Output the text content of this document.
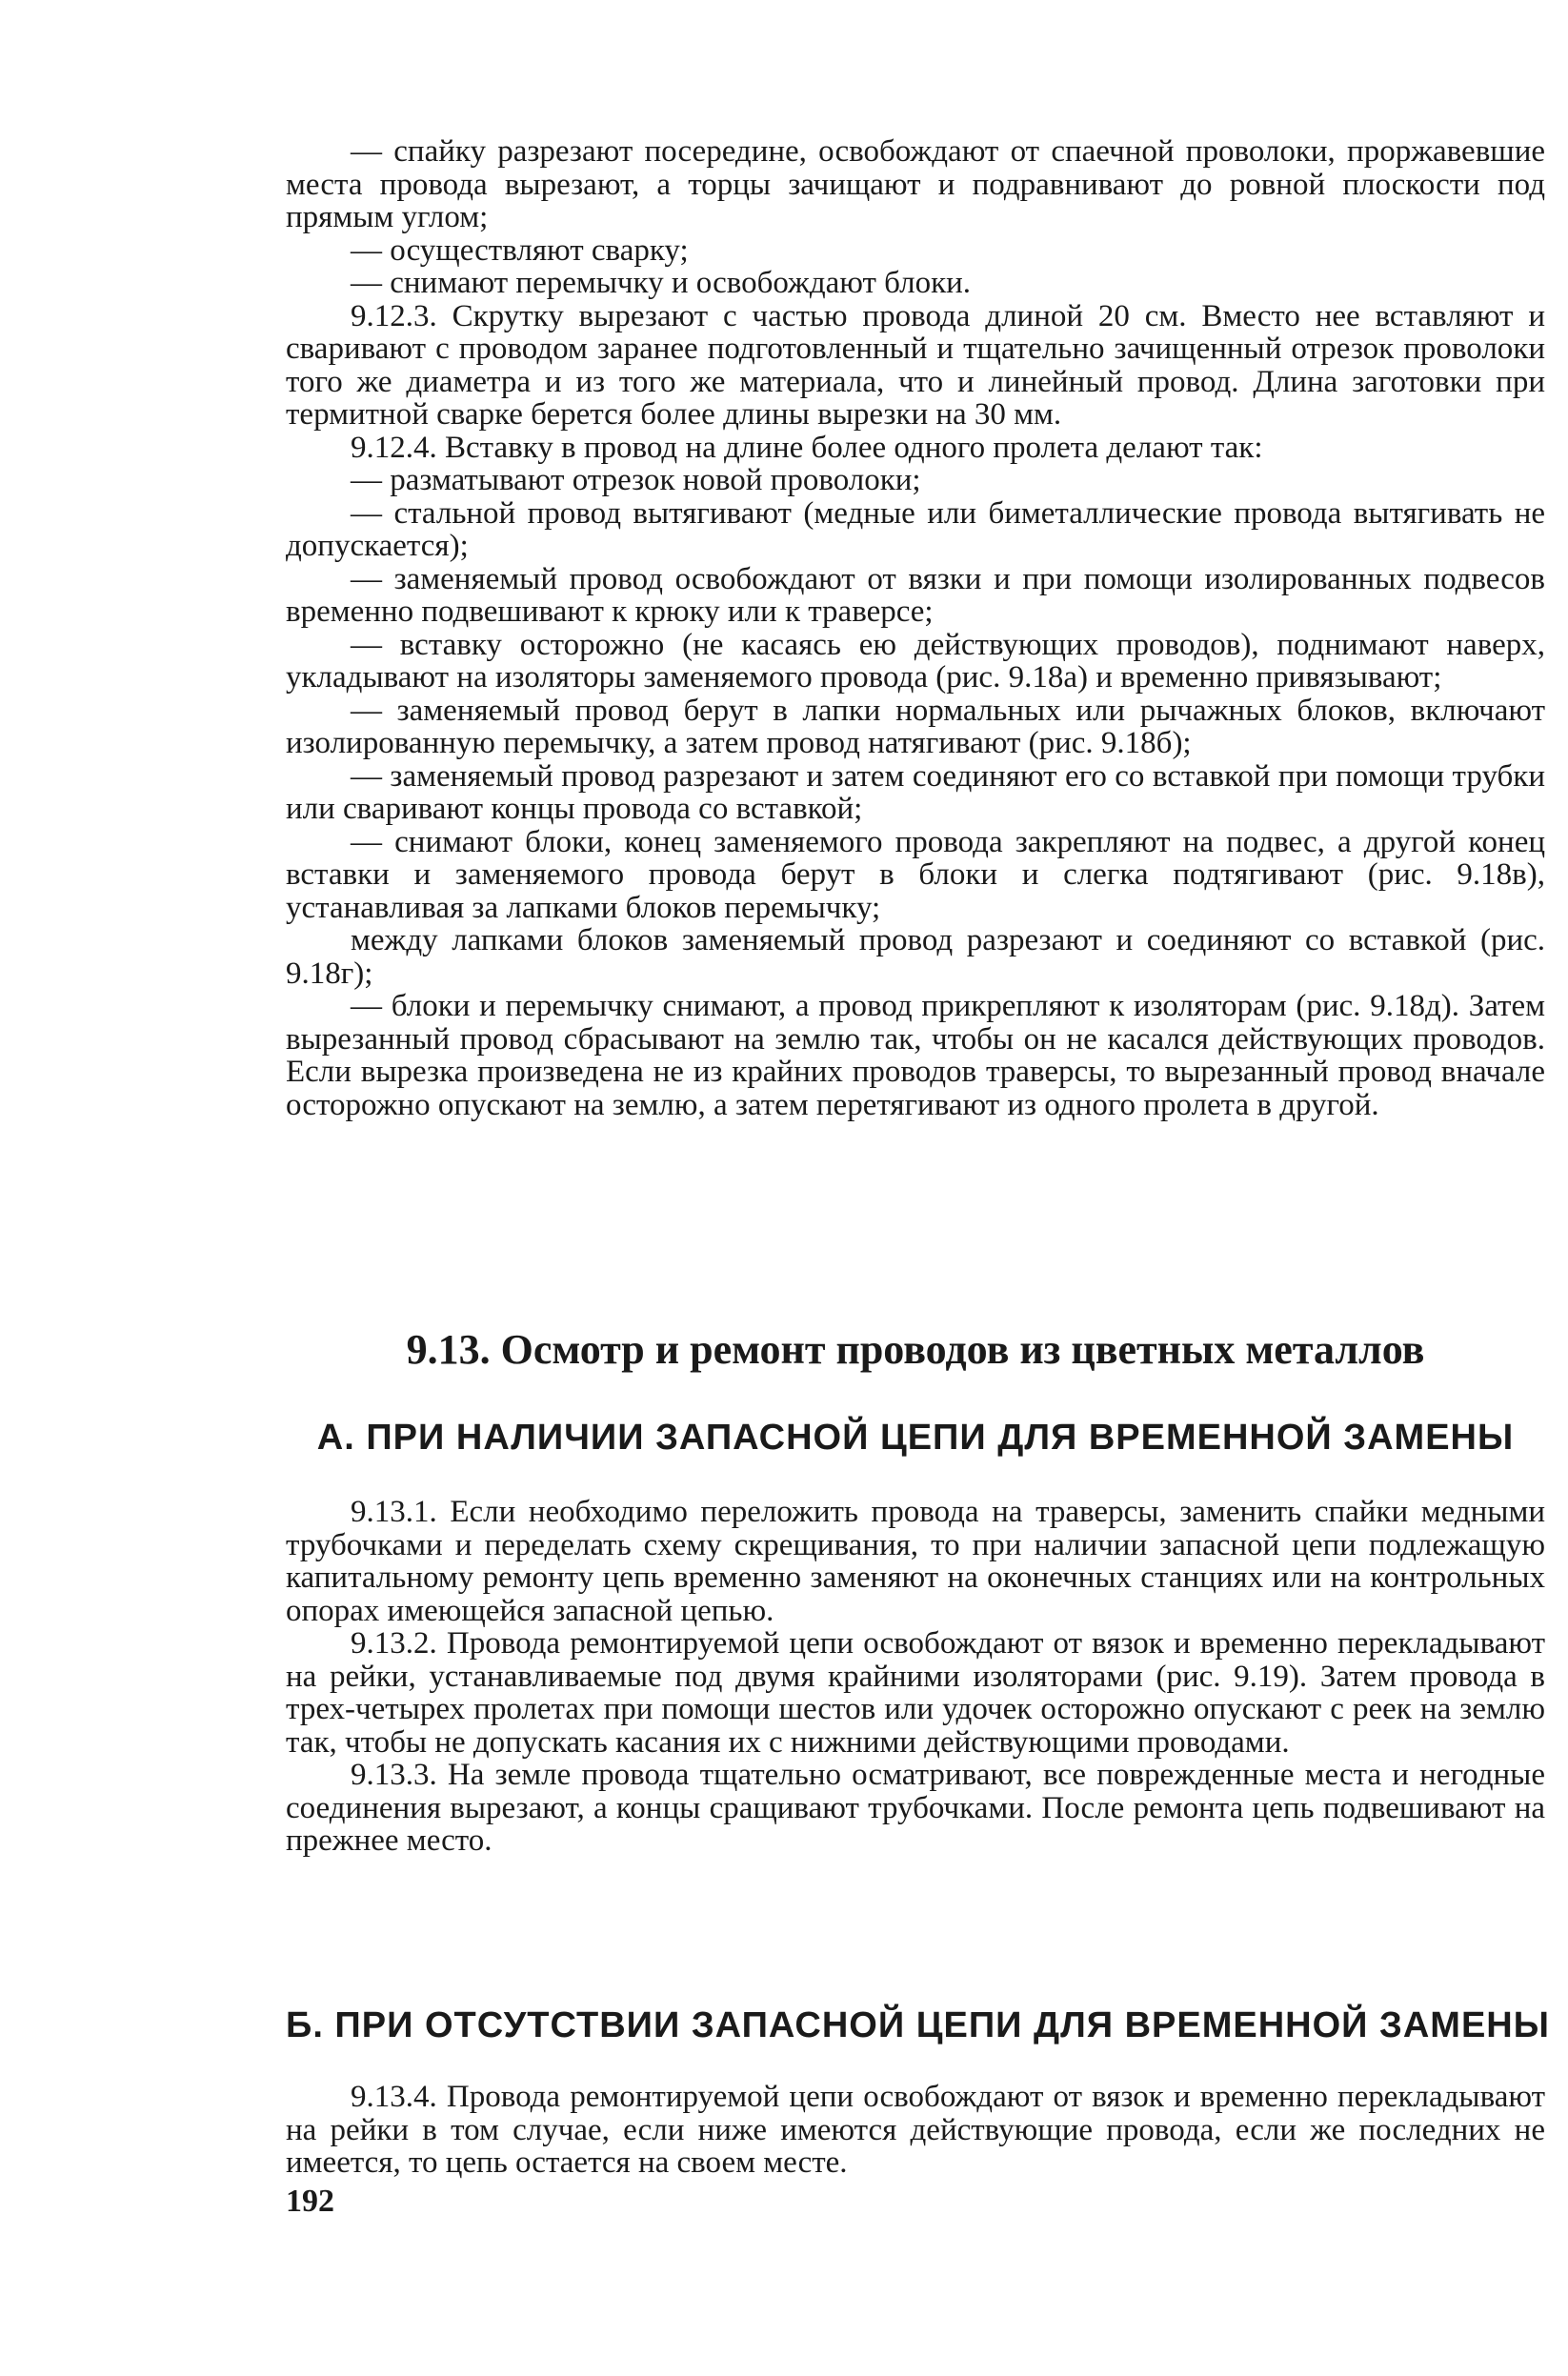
— спайку разрезают посередине, освобождают от спаечной проволоки, проржавевшие места провода вырезают, а торцы зачищают и подравнивают до ровной плоскости под прямым углом;

— осуществляют сварку;

— снимают перемычку и освобождают блоки.

9.12.3. Скрутку вырезают с частью провода длиной 20 см. Вместо нее вставляют и сваривают с проводом заранее подготовленный и тщательно зачищенный отрезок проволоки того же диаметра и из того же материала, что и линейный провод. Длина заготовки при термитной сварке берется более длины вырезки на 30 мм.

9.12.4. Вставку в провод на длине более одного пролета делают так:

— разматывают отрезок новой проволоки;

— стальной провод вытягивают (медные или биметаллические провода вытягивать не допускается);

— заменяемый провод освобождают от вязки и при помощи изолированных подвесов временно подвешивают к крюку или к траверсе;

— вставку осторожно (не касаясь ею действующих проводов), поднимают наверх, укладывают на изоляторы заменяемого провода (рис. 9.18а) и временно привязывают;

— заменяемый провод берут в лапки нормальных или рычажных блоков, включают изолированную перемычку, а затем провод натягивают (рис. 9.18б);

— заменяемый провод разрезают и затем соединяют его со вставкой при помощи трубки или сваривают концы провода со вставкой;

— снимают блоки, конец заменяемого провода закрепляют на подвес, а другой конец вставки и заменяемого провода берут в блоки и слегка подтягивают (рис. 9.18в), устанавливая за лапками блоков перемычку;

между лапками блоков заменяемый провод разрезают и соединяют со вставкой (рис. 9.18г);

— блоки и перемычку снимают, а провод прикрепляют к изоляторам (рис. 9.18д). Затем вырезанный провод сбрасывают на землю так, чтобы он не касался действующих проводов. Если вырезка произведена не из крайних проводов траверсы, то вырезанный провод вначале осторожно опускают на землю, а затем перетягивают из одного пролета в другой.

9.13. Осмотр и ремонт проводов из цветных металлов
А. ПРИ НАЛИЧИИ ЗАПАСНОЙ ЦЕПИ ДЛЯ ВРЕМЕННОЙ ЗАМЕНЫ

9.13.1. Если необходимо переложить провода на траверсы, заменить спайки медными трубочками и переделать схему скрещивания, то при наличии запасной цепи подлежащую капитальному ремонту цепь временно заменяют на оконечных станциях или на контрольных опорах имеющейся запасной цепью.

9.13.2. Провода ремонтируемой цепи освобождают от вязок и временно перекладывают на рейки, устанавливаемые под двумя крайними изоляторами (рис. 9.19). Затем провода в трех-четырех пролетах при помощи шестов или удочек осторожно опускают с реек на землю так, чтобы не допускать касания их с нижними действующими проводами.

9.13.3. На земле провода тщательно осматривают, все поврежденные места и негодные соединения вырезают, а концы сращивают трубочками. После ремонта цепь подвешивают на прежнее место.

Б. ПРИ ОТСУТСТВИИ ЗАПАСНОЙ ЦЕПИ ДЛЯ ВРЕМЕННОЙ ЗАМЕНЫ

9.13.4. Провода ремонтируемой цепи освобождают от вязок и временно перекладывают на рейки в том случае, если ниже имеются действующие провода, если же последних не имеется, то цепь остается на своем месте.

192
